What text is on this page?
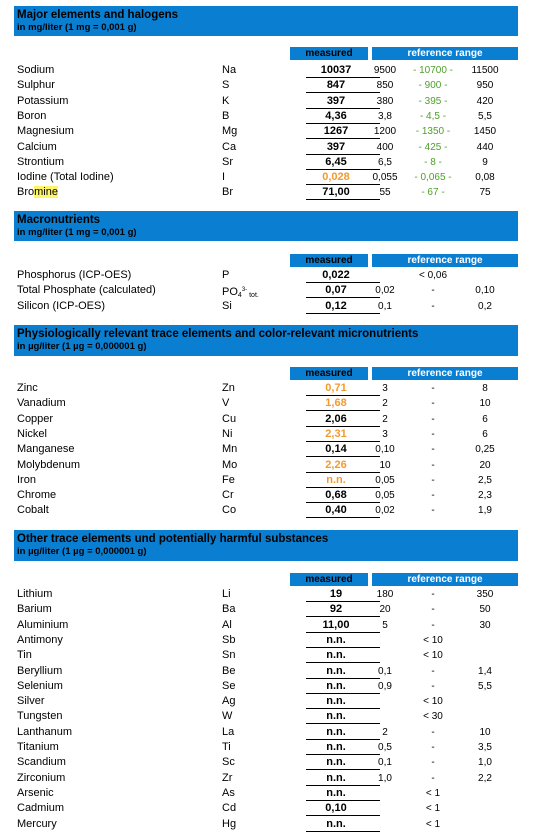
Major elements and halogens
in mg/liter (1 mg = 0,001 g)
measured	reference range
Sodium	Na	10037	9500	- 10700 -	11500
Sulphur	S	847	850	- 900 -	950
Potassium	K	397	380	- 395 -	420
Boron	B	4,36	3,8	- 4,5 -	5,5
Magnesium	Mg	1267	1200	- 1350 -	1450
Calcium	Ca	397	400	- 425 -	440
Strontium	Sr	6,45	6,5	- 8 -	9
Iodine (Total Iodine)	I	0,028	0,055	- 0,065 -	0,08
Bromine	Br	71,00	55	- 67 -	75
Macronutrients
in mg/liter (1 mg = 0,001 g)
measured	reference range
Phosphorus (ICP-OES)	P	0,022	< 0,06
Total Phosphate (calculated)	$PO_4^{3-}$ $_{tot.}$	0,07	0,02	-	0,10
Silicon (ICP-OES)	Si	0,12	0,1	-	0,2
Physiologically relevant trace elements and color-relevant micronutrients
in µg/liter (1 µg = 0,000001 g)
measured	reference range
Zinc	Zn	0,71	3	-	8
Vanadium	V	1,68	2	-	10
Copper	Cu	2,06	2	-	6
Nickel	Ni	2,31	3	-	6
Manganese	Mn	0,14	0,10	-	0,25
Molybdenum	Mo	2,26	10	-	20
Iron	Fe	n.n.	0,05	-	2,5
Chrome	Cr	0,68	0,05	-	2,3
Cobalt	Co	0,40	0,02	-	1,9
Other trace elements und potentially harmful substances
in µg/liter (1 µg = 0,000001 g)
measured	reference range
Lithium	Li	19	180	-	350
Barium	Ba	92	20	-	50
Aluminium	Al	11,00	5	-	30
Antimony	Sb	n.n.	< 10
Tin	Sn	n.n.	< 10
Beryllium	Be	n.n.	0,1	-	1,4
Selenium	Se	n.n.	0,9	-	5,5
Silver	Ag	n.n.	< 10
Tungsten	W	n.n.	< 30
Lanthanum	La	n.n.	2	-	10
Titanium	Ti	n.n.	0,5	-	3,5
Scandium	Sc	n.n.	0,1	-	1,0
Zirconium	Zr	n.n.	1,0	-	2,2
Arsenic	As	n.n.	< 1
Cadmium	Cd	0,10	< 1
Mercury	Hg	n.n.	< 1
